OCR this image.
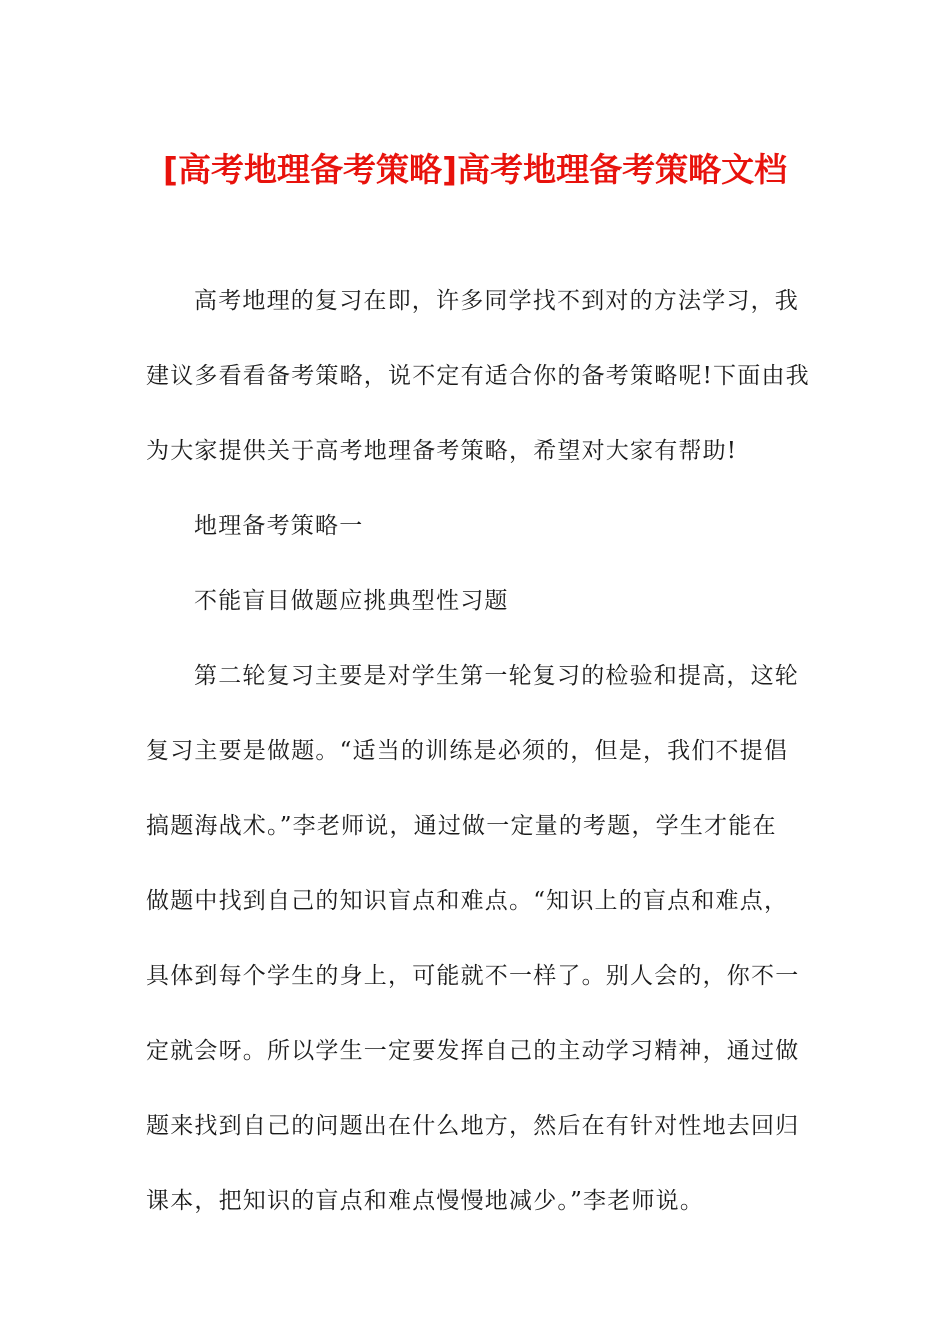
[高考地理备考策略]高考地理备考策略文档
高考地理的复习在即，许多同学找不到对的方法学习，我
建议多看看备考策略，说不定有适合你的备考策略呢!下面由我
为大家提供关于高考地理备考策略，希望对大家有帮助!
地理备考策略一
不能盲目做题应挑典型性习题
第二轮复习主要是对学生第一轮复习的检验和提高，这轮
复习主要是做题。“适当的训练是必须的，但是，我们不提倡
搞题海战术。”李老师说，通过做一定量的考题，学生才能在
做题中找到自己的知识盲点和难点。“知识上的盲点和难点，
具体到每个学生的身上，可能就不一样了。别人会的，你不一
定就会呀。所以学生一定要发挥自己的主动学习精神，通过做
题来找到自己的问题出在什么地方，然后在有针对性地去回归
课本，把知识的盲点和难点慢慢地减少。”李老师说。
